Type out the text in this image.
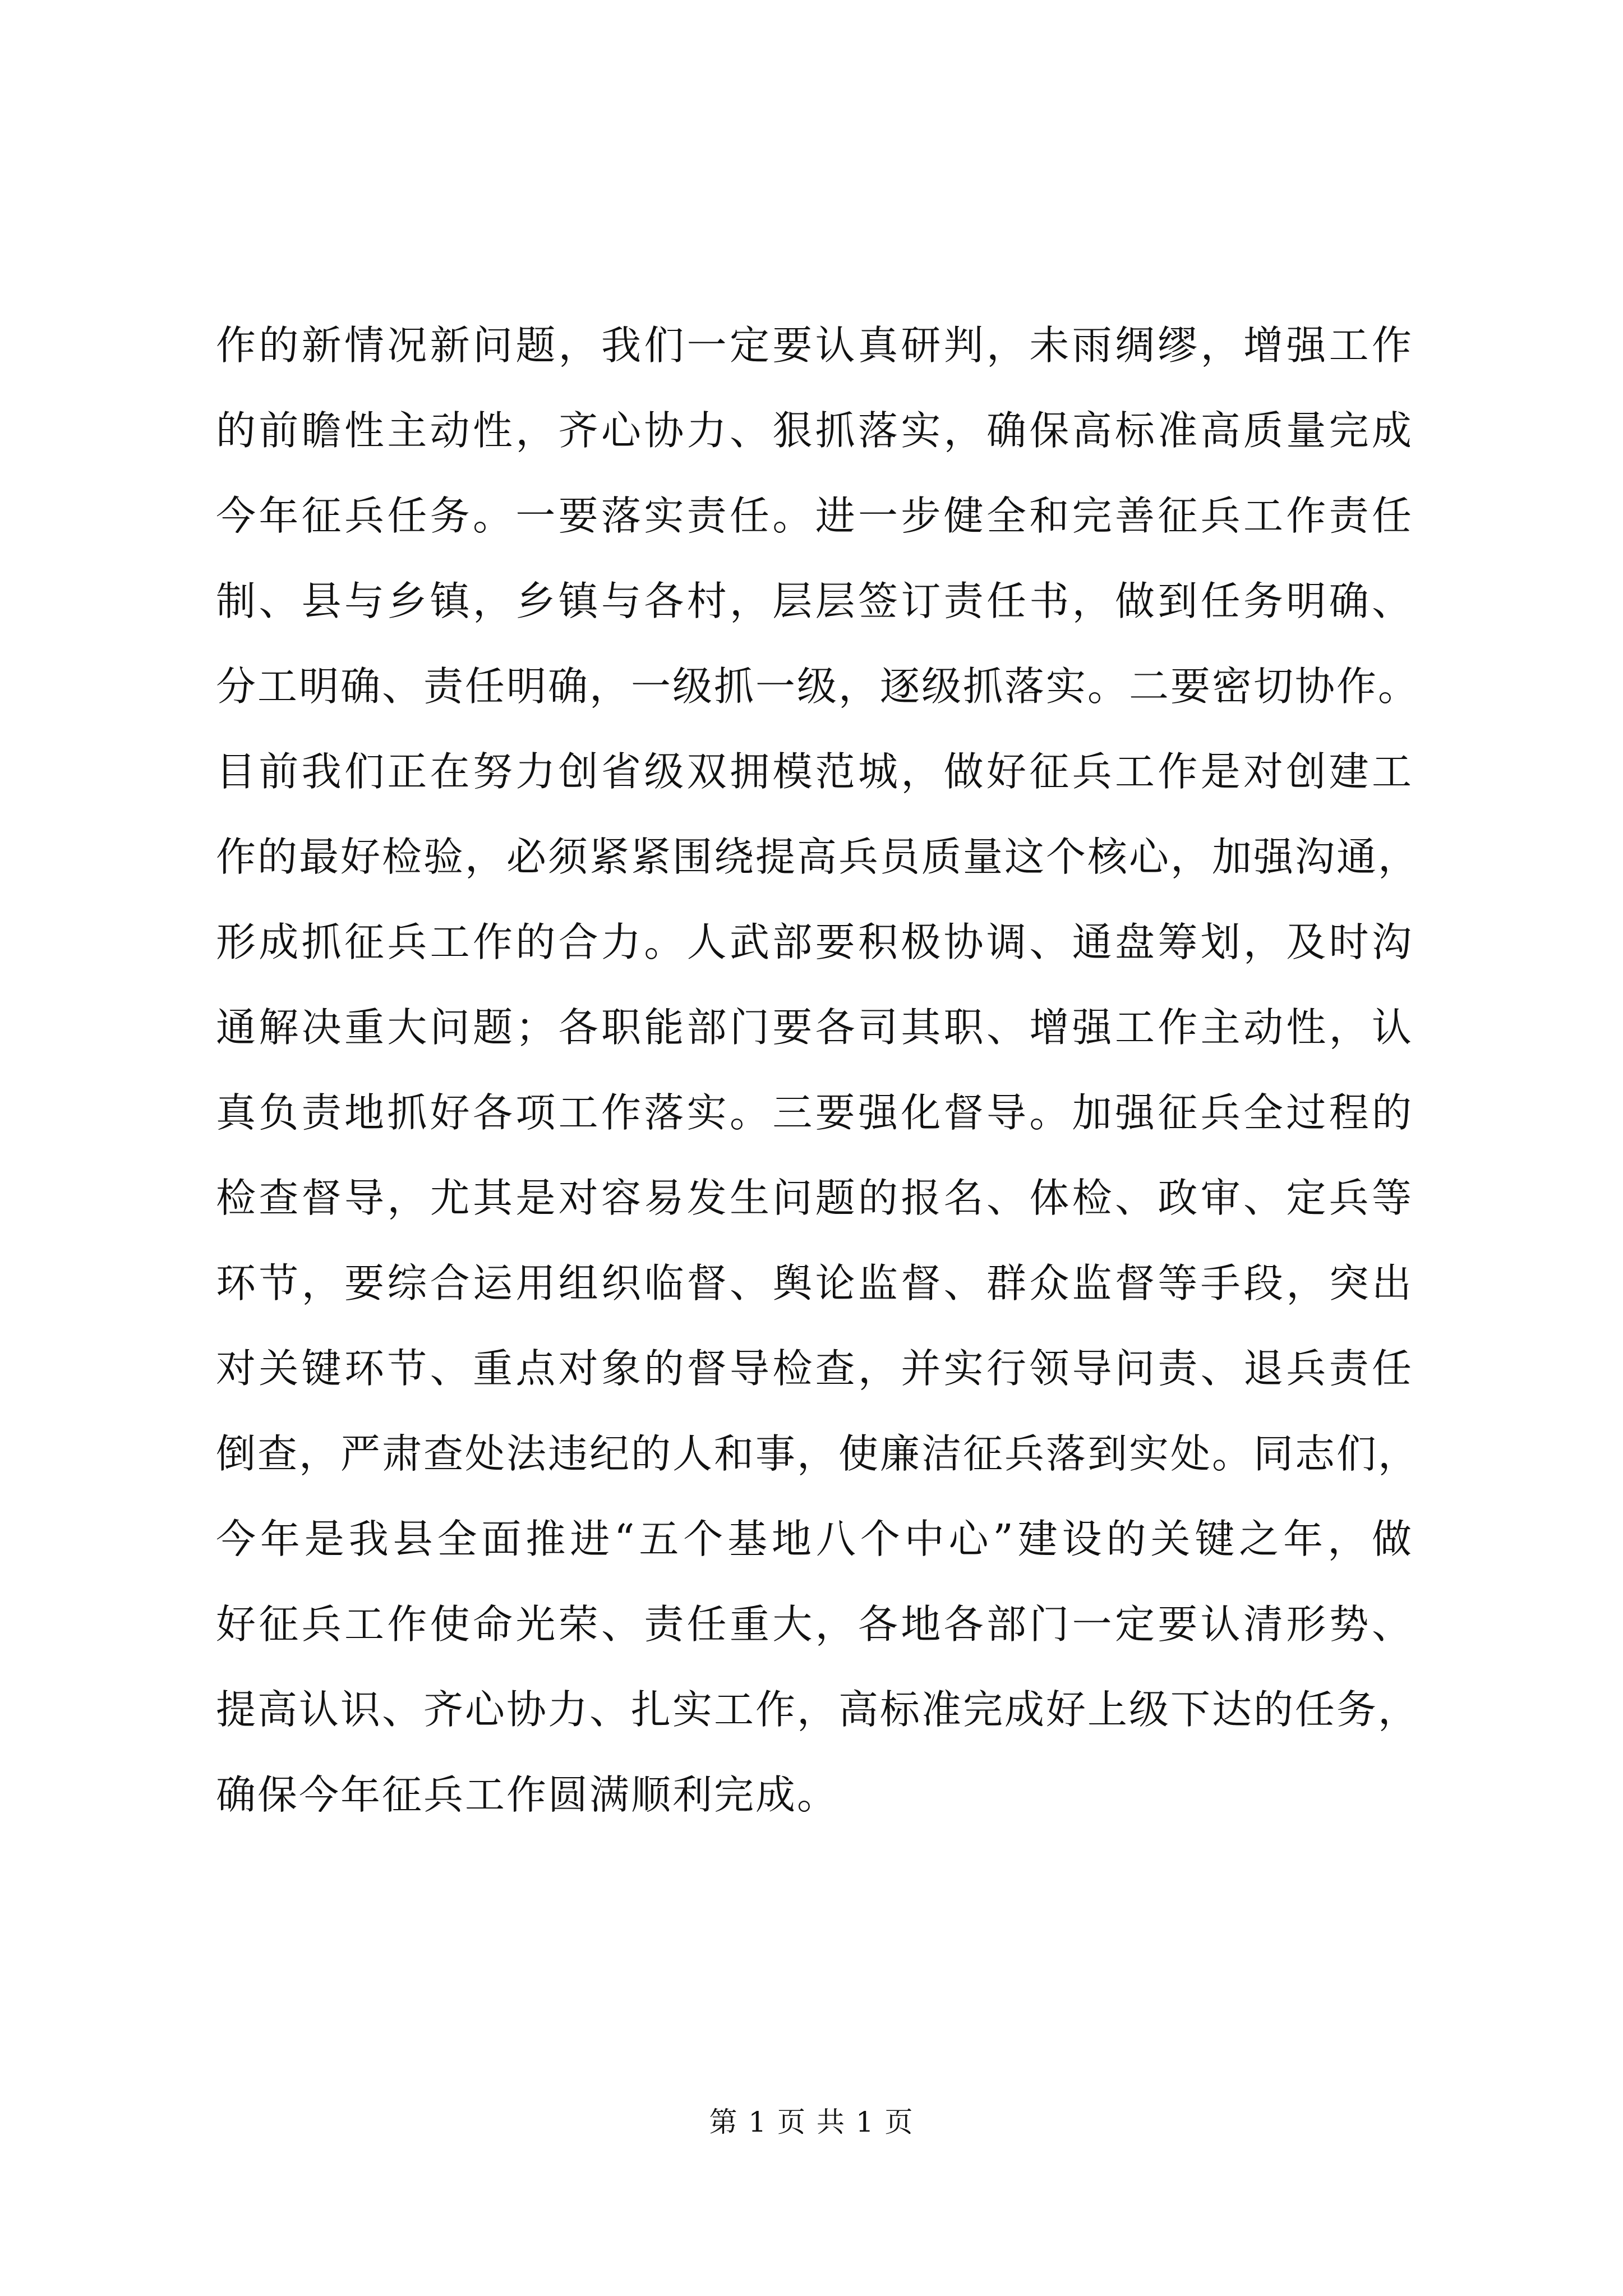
作的新情况新问题，我们一定要认真研判，未雨绸缪，增强工作
的前瞻性主动性，齐心协力、狠抓落实，确保高标准高质量完成
今年征兵任务。一要落实责任。进一步健全和完善征兵工作责任
制、县与乡镇，乡镇与各村，层层签订责任书，做到任务明确、
分工明确、责任明确，一级抓一级，逐级抓落实。二要密切协作。
目前我们正在努力创省级双拥模范城，做好征兵工作是对创建工
作的最好检验，必须紧紧围绕提高兵员质量这个核心，加强沟通，
形成抓征兵工作的合力。人武部要积极协调、通盘筹划，及时沟
通解决重大问题；各职能部门要各司其职、增强工作主动性，认
真负责地抓好各项工作落实。三要强化督导。加强征兵全过程的
检查督导，尤其是对容易发生问题的报名、体检、政审、定兵等
环节，要综合运用组织临督、舆论监督、群众监督等手段，突出
对关键环节、重点对象的督导检查，并实行领导问责、退兵责任
倒查，严肃查处法违纪的人和事，使廉洁征兵落到实处。同志们，
今年是我县全面推进“五个基地八个中心”建设的关键之年，做
好征兵工作使命光荣、责任重大，各地各部门一定要认清形势、
提高认识、齐心协力、扎实工作，高标准完成好上级下达的任务，
确保今年征兵工作圆满顺利完成。
第 1 页 共 1 页
